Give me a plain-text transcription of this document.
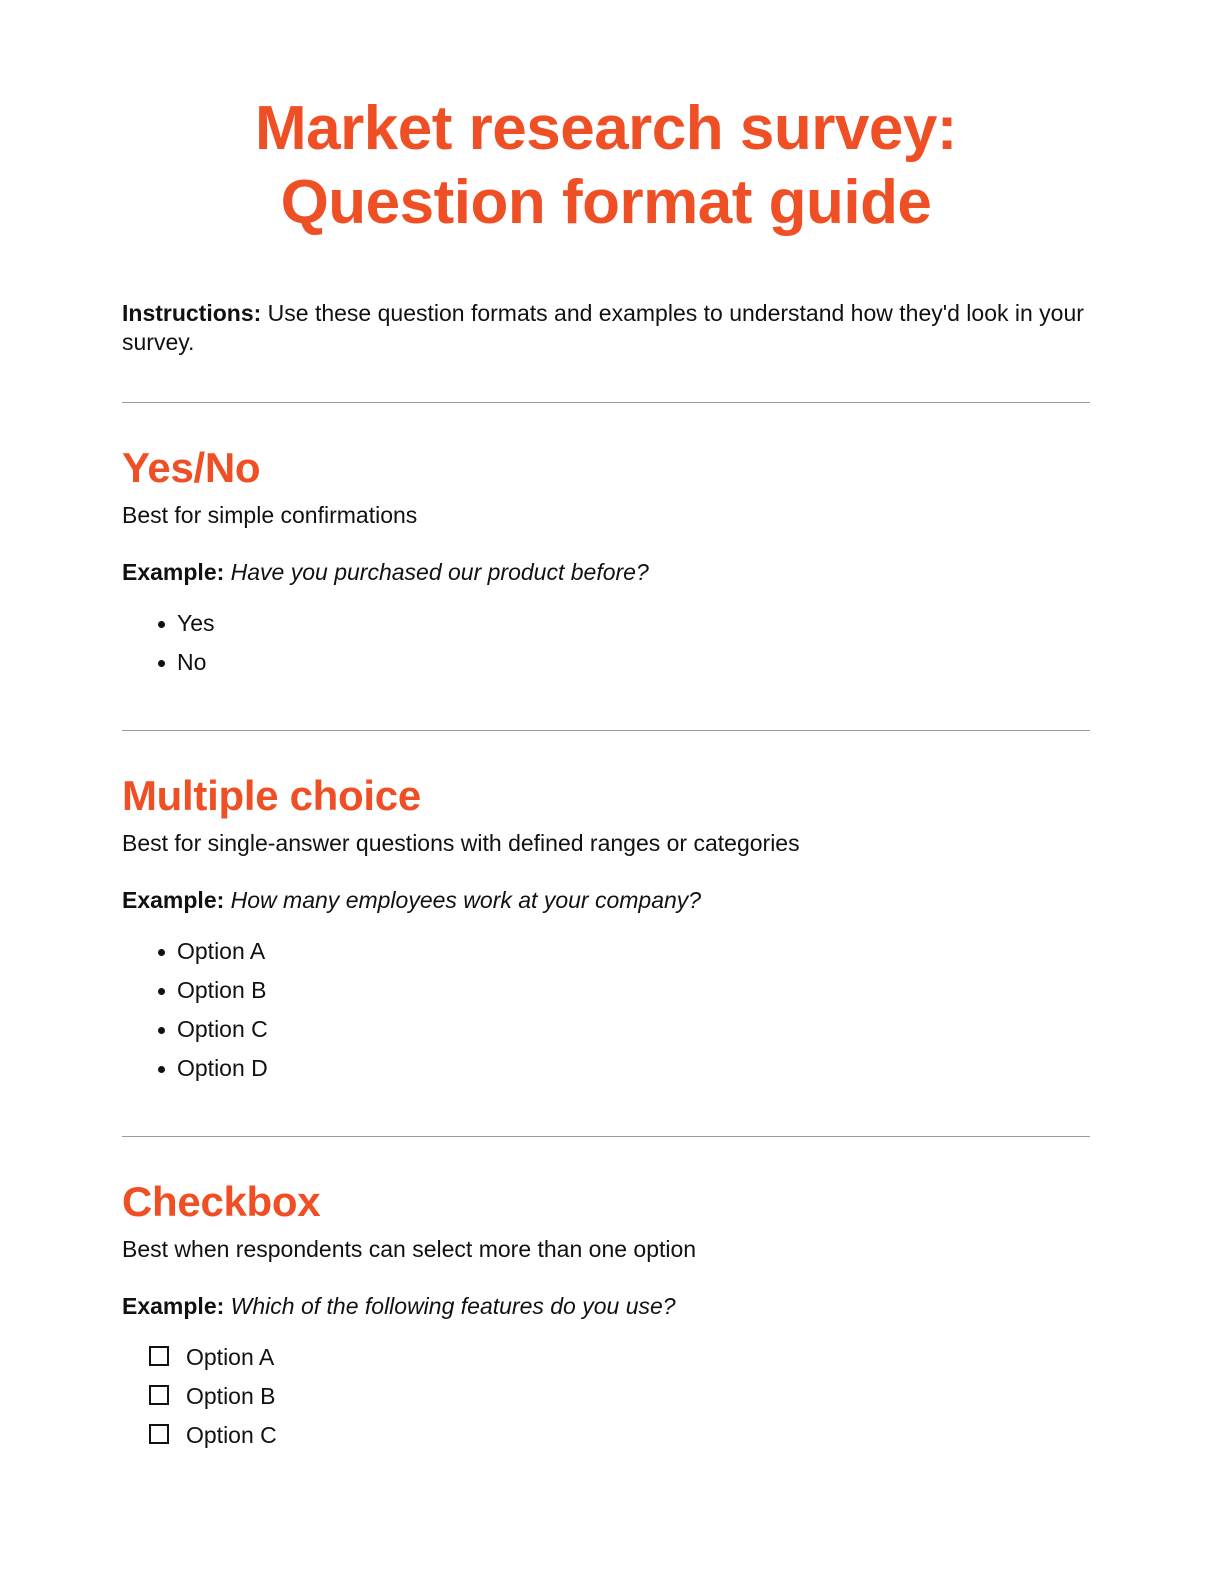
Market research survey:
Question format guide

Instructions: Use these question formats and examples to understand how they'd look in your survey.

Yes/No

Best for simple confirmations

Example: Have you purchased our product before?

Yes
No
Multiple choice

Best for single-answer questions with defined ranges or categories

Example: How many employees work at your company?

Option A
Option B
Option C
Option D
Checkbox

Best when respondents can select more than one option

Example: Which of the following features do you use?

Option A
Option B
Option C
